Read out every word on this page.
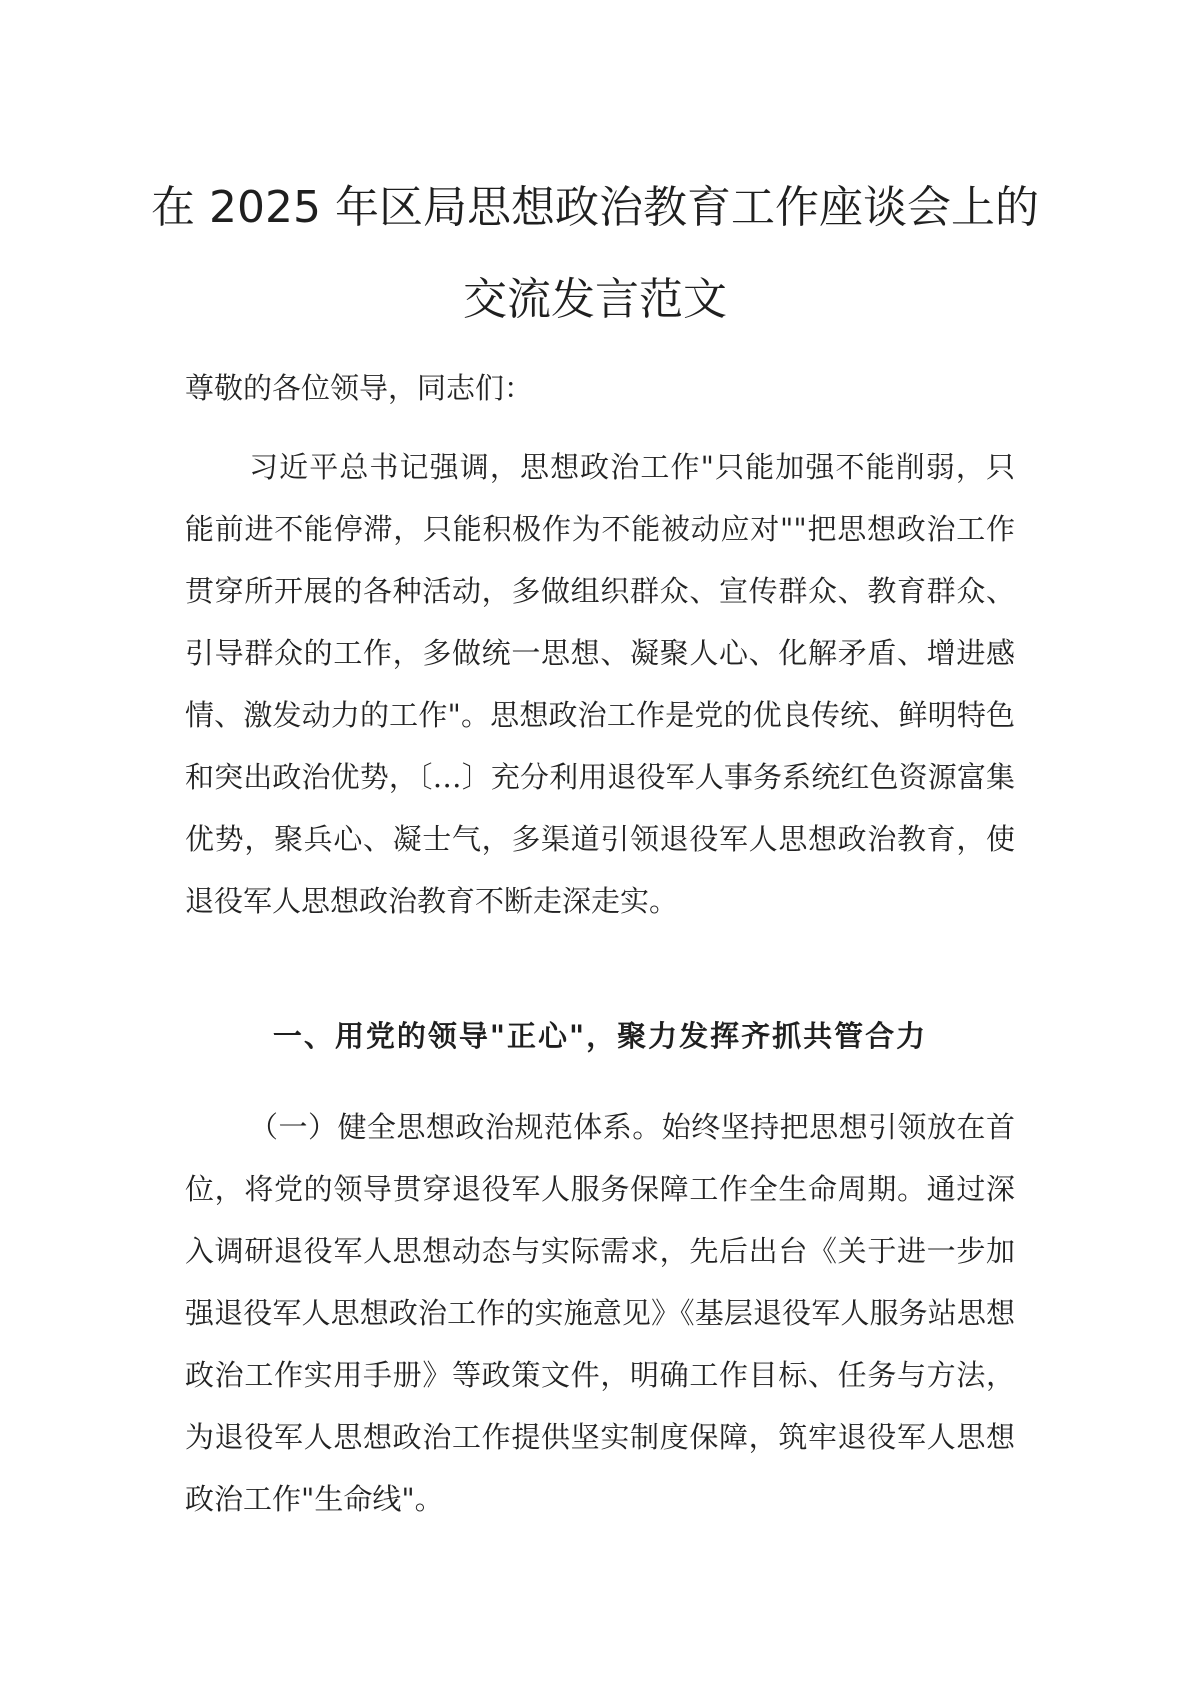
在 2025 年区局思想政治教育工作座谈会上的
交流发言范文

尊敬的各位领导，同志们：

习近平总书记强调，思想政治工作"只能加强不能削弱，只能前进不能停滞，只能积极作为不能被动应对""把思想政治工作贯穿所开展的各种活动，多做组织群众、宣传群众、教育群众、引导群众的工作，多做统一思想、凝聚人心、化解矛盾、增进感情、激发动力的工作"。思想政治工作是党的优良传统、鲜明特色和突出政治优势，〔…〕充分利用退役军人事务系统红色资源富集优势，聚兵心、凝士气，多渠道引领退役军人思想政治教育，使退役军人思想政治教育不断走深走实。

一、用党的领导"正心"，聚力发挥齐抓共管合力

（一）健全思想政治规范体系。始终坚持把思想引领放在首位，将党的领导贯穿退役军人服务保障工作全生命周期。通过深入调研退役军人思想动态与实际需求，先后出台《关于进一步加强退役军人思想政治工作的实施意见》《基层退役军人服务站思想政治工作实用手册》等政策文件，明确工作目标、任务与方法，为退役军人思想政治工作提供坚实制度保障，筑牢退役军人思想政治工作"生命线"。
